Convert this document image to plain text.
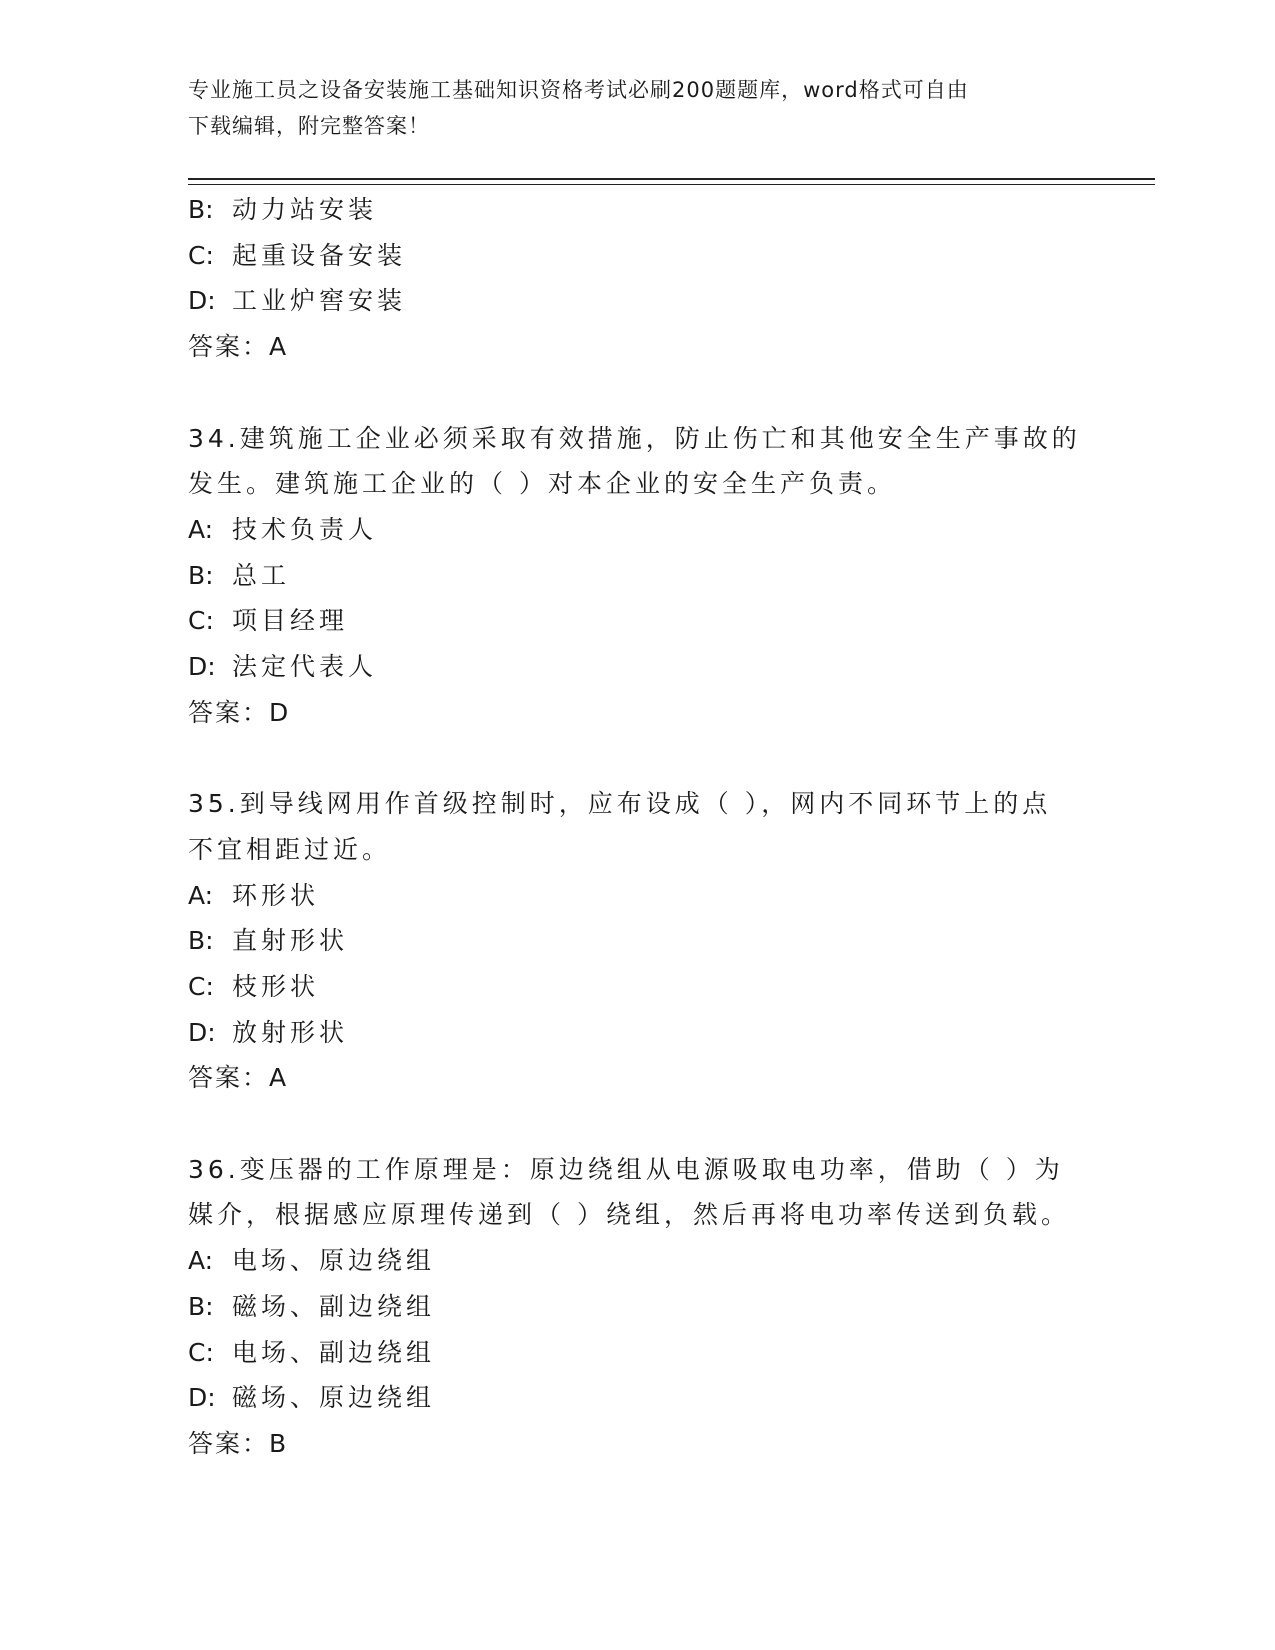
专业施工员之设备安装施工基础知识资格考试必刷200题题库，word格式可自由
下载编辑，附完整答案！
B: 动力站安装
C: 起重设备安装
D: 工业炉窖安装
答案：A
34.建筑施工企业必须采取有效措施，防止伤亡和其他安全生产事故的
发生。建筑施工企业的（ ）对本企业的安全生产负责。
A: 技术负责人
B: 总工
C: 项目经理
D: 法定代表人
答案：D
35.到导线网用作首级控制时，应布设成（ ），网内不同环节上的点
不宜相距过近。
A: 环形状
B: 直射形状
C: 枝形状
D: 放射形状
答案：A
36.变压器的工作原理是：原边绕组从电源吸取电功率，借助（ ）为
媒介，根据感应原理传递到（ ）绕组，然后再将电功率传送到负载。
A: 电场、原边绕组
B: 磁场、副边绕组
C: 电场、副边绕组
D: 磁场、原边绕组
答案：B
